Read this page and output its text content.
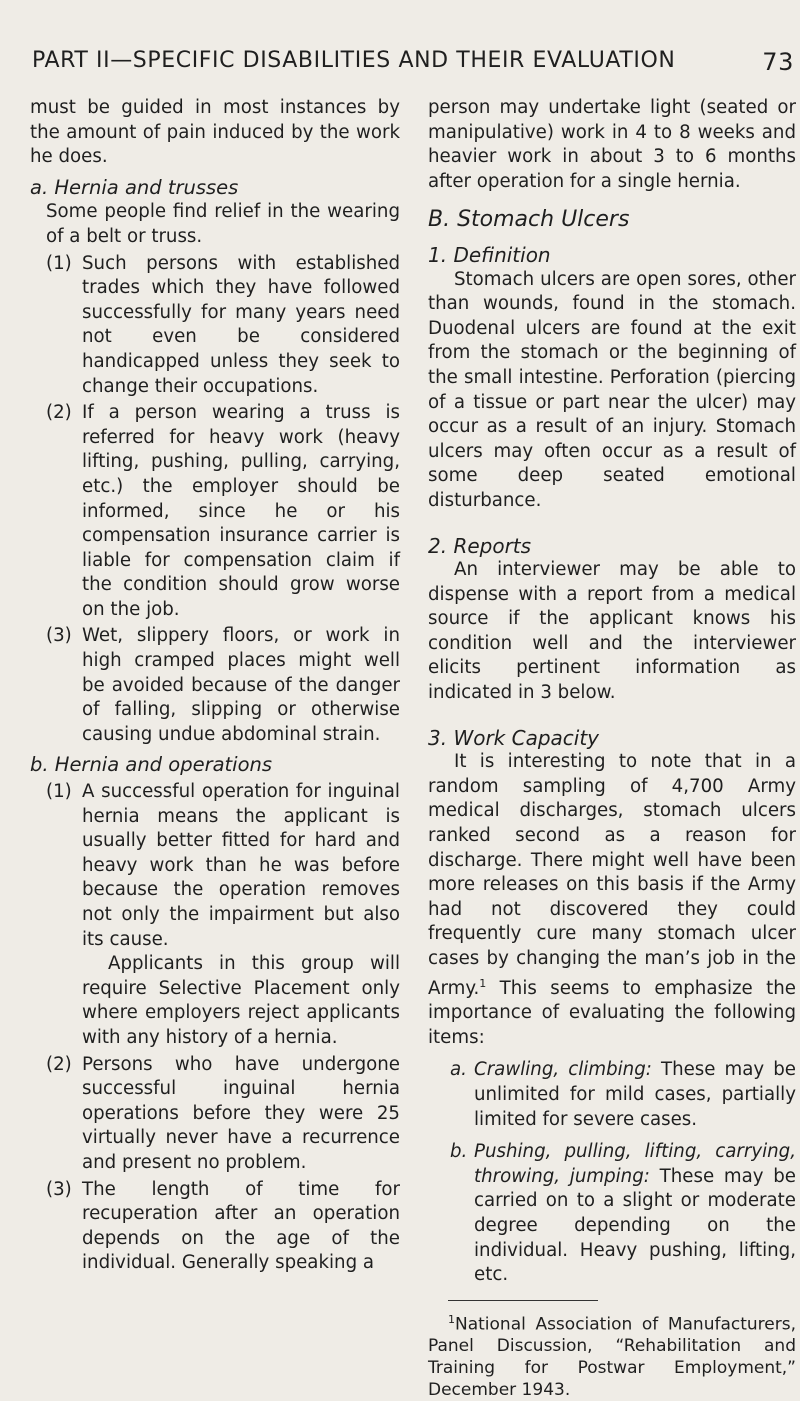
PART II—SPECIFIC DISABILITIES AND THEIR EVALUATION	73

must be guided in most instances by the amount of pain induced by the work he does.

a. Hernia and trusses

Some people find relief in the wearing of a belt or truss.

(1) Such persons with established trades which they have followed successfully for many years need not even be considered handicapped unless they seek to change their occupations.
(2) If a person wearing a truss is referred for heavy work (heavy lifting, pushing, pulling, carrying, etc.) the employer should be informed, since he or his compensation insurance carrier is liable for compensation claim if the condition should grow worse on the job.
(3) Wet, slippery floors, or work in high cramped places might well be avoided because of the danger of falling, slipping or otherwise causing undue abdominal strain.

b. Hernia and operations

(1) A successful operation for inguinal hernia means the applicant is usually better fitted for hard and heavy work than he was before because the operation removes not only the impairment but also its cause.

Applicants in this group will require Selective Placement only where employers reject applicants with any history of a hernia.

(2) Persons who have undergone successful inguinal hernia operations before they were 25 virtually never have a recurrence and present no problem.
(3) The length of time for recuperation after an operation depends on the age of the individual. Generally speaking a

person may undertake light (seated or manipulative) work in 4 to 8 weeks and heavier work in about 3 to 6 months after operation for a single hernia.

B. Stomach Ulcers

1. Definition

Stomach ulcers are open sores, other than wounds, found in the stomach. Duodenal ulcers are found at the exit from the stomach or the beginning of the small intestine. Perforation (piercing of a tissue or part near the ulcer) may occur as a result of an injury. Stomach ulcers may often occur as a result of some deep seated emotional disturbance.

2. Reports

An interviewer may be able to dispense with a report from a medical source if the applicant knows his condition well and the interviewer elicits pertinent information as indicated in 3 below.

3. Work Capacity

It is interesting to note that in a random sampling of 4,700 Army medical discharges, stomach ulcers ranked second as a reason for discharge. There might well have been more releases on this basis if the Army had not discovered they could frequently cure many stomach ulcer cases by changing the man’s job in the Army.$^1$ This seems to emphasize the importance of evaluating the following items:

a. Crawling, climbing: These may be unlimited for mild cases, partially limited for severe cases.
b. Pushing, pulling, lifting, carrying, throwing, jumping: These may be carried on to a slight or moderate degree depending on the individual. Heavy pushing, lifting, etc.

$^1$National Association of Manufacturers, Panel Discussion, “Rehabilitation and Training for Postwar Employment,” December 1943.
